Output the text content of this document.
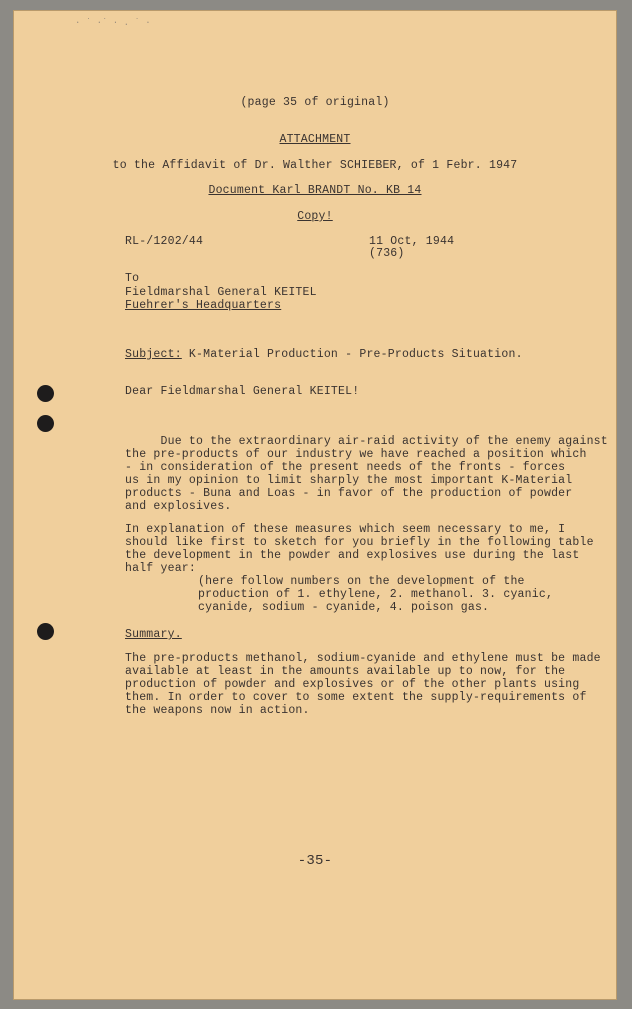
· ˙ ·˙ · . ˙ ·
(page 35 of original)
ATTACHMENT
to the Affidavit of Dr. Walther SCHIEBER, of 1 Febr. 1947
Document Karl BRANDT No. KB 14
Copy!
RL-/1202/44	11 Oct, 1944
(736)
To
Fieldmarshal General KEITEL
Fuehrer's Headquarters
Subject: K-Material Production - Pre-Products Situation.
Dear Fieldmarshal General KEITEL!
Due to the extraordinary air-raid activity of the enemy against
the pre-products of our industry we have reached a position which
- in consideration of the present needs of the fronts - forces
us in my opinion to limit sharply the most important K-Material
products - Buna and Loas - in favor of the production of powder
and explosives.
In explanation of these measures which seem necessary to me, I
should like first to sketch for you briefly in the following table
the development in the powder and explosives use during the last
half year:
(here follow numbers on the development of the
production of 1. ethylene, 2. methanol. 3. cyanic,
cyanide, sodium - cyanide, 4. poison gas.
Summary.
The pre-products methanol, sodium-cyanide and ethylene must be made
available at least in the amounts available up to now, for the
production of powder and explosives or of the other plants using
them. In order to cover to some extent the supply-requirements of
the weapons now in action.
-35-
